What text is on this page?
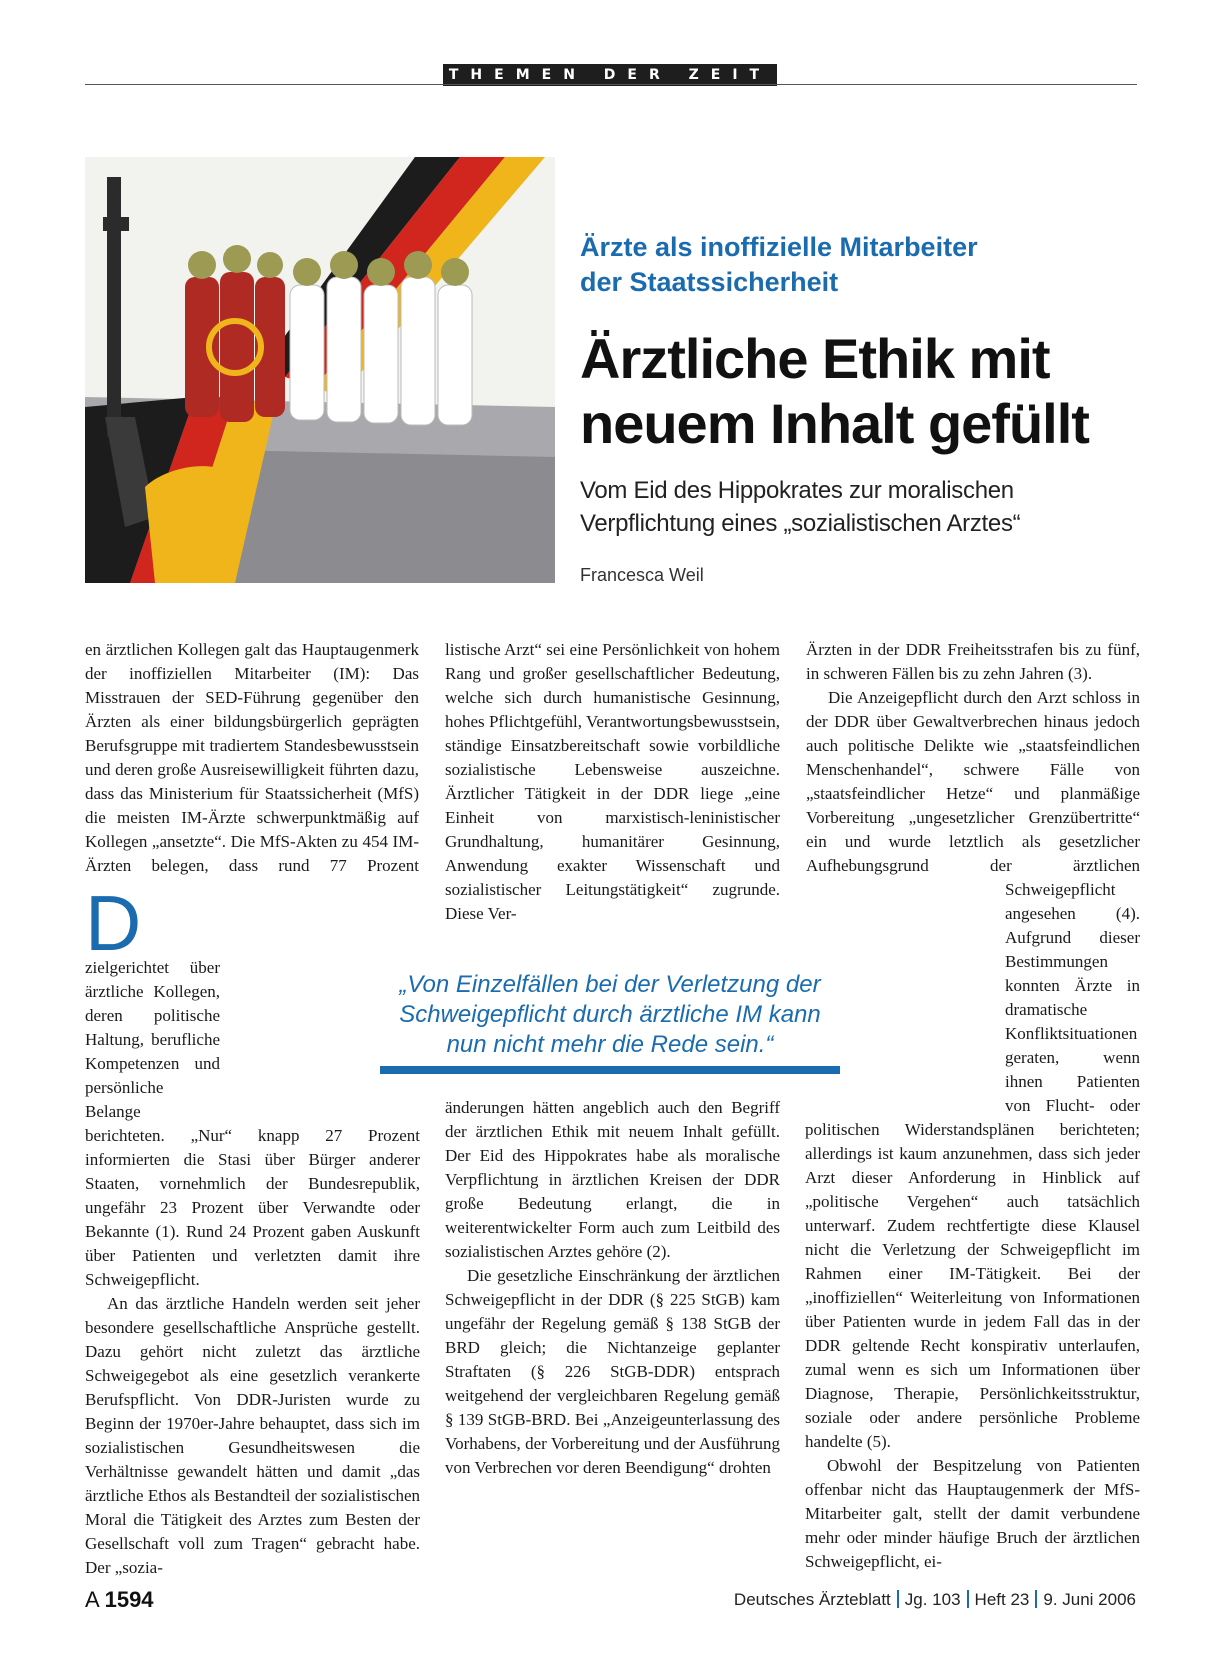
THEMEN DER ZEIT
Ärzte als inoffizielle Mitarbeiter
der Staatssicherheit
Ärztliche Ethik mit
neuem Inhalt gefüllt
Vom Eid des Hippokrates zur moralischen
Verpflichtung eines „sozialistischen Arztes“
Francesca Weil

D
en ärztlichen Kollegen galt das Hauptaugenmerk der inoffiziellen Mitarbeiter (IM): Das Misstrauen der SED-Führung gegenüber den Ärzten als einer bildungsbürgerlich geprägten Berufsgruppe mit tradiertem Standesbewusstsein und deren große Ausreisewilligkeit führten dazu, dass das Ministerium für Staatssicherheit (MfS) die meisten IM-Ärzte schwerpunktmäßig auf Kollegen „ansetzte“. Die MfS-Akten zu 454 IM-Ärzten belegen, dass rund 77 Prozent zielgerichtet über ärztliche Kollegen, deren politische Haltung, berufliche Kompetenzen und persönliche Belange berichteten. „Nur“ knapp 27 Prozent informierten die Stasi über Bürger anderer Staaten, vornehmlich der Bundesrepublik, ungefähr 23 Prozent über Verwandte oder Bekannte (1). Rund 24 Prozent gaben Auskunft über Patienten und verletzten damit ihre Schweigepflicht.

An das ärztliche Handeln werden seit jeher besondere gesellschaftliche Ansprüche gestellt. Dazu gehört nicht zuletzt das ärztliche Schweigegebot als eine gesetzlich verankerte Berufspflicht. Von DDR-Juristen wurde zu Beginn der 1970er-Jahre behauptet, dass sich im sozialistischen Gesundheitswesen die Verhältnisse gewandelt hätten und damit „das ärztliche Ethos als Bestandteil der sozialistischen Moral die Tätigkeit des Arztes zum Besten der Gesellschaft voll zum Tragen“ gebracht habe. Der „sozia-

listische Arzt“ sei eine Persönlichkeit von hohem Rang und großer gesellschaftlicher Bedeutung, welche sich durch humanistische Gesinnung, hohes Pflichtgefühl, Verantwortungsbewusstsein, ständige Einsatzbereitschaft sowie vorbildliche sozialistische Lebensweise auszeichne. Ärztlicher Tätigkeit in der DDR liege „eine Einheit von marxistisch-leninistischer Grundhaltung, humanitärer Gesinnung, Anwendung exakter Wissenschaft und sozialistischer Leitungstätigkeit“ zugrunde. Diese Ver-

änderungen hätten angeblich auch den Begriff der ärztlichen Ethik mit neuem Inhalt gefüllt. Der Eid des Hippokrates habe als moralische Verpflichtung in ärztlichen Kreisen der DDR große Bedeutung erlangt, die in weiterentwickelter Form auch zum Leitbild des sozialistischen Arztes gehöre (2).

Die gesetzliche Einschränkung der ärztlichen Schweigepflicht in der DDR (§ 225 StGB) kam ungefähr der Regelung gemäß § 138 StGB der BRD gleich; die Nichtanzeige geplanter Straftaten (§ 226 StGB-DDR) entsprach weitgehend der vergleichbaren Regelung gemäß § 139 StGB-BRD. Bei „Anzeigeunterlassung des Vorhabens, der Vorbereitung und der Ausführung von Verbrechen vor deren Beendigung“ drohten

Ärzten in der DDR Freiheitsstrafen bis zu fünf, in schweren Fällen bis zu zehn Jahren (3).

Die Anzeigepflicht durch den Arzt schloss in der DDR über Gewaltverbrechen hinaus jedoch auch politische Delikte wie „staatsfeindlichen Menschenhandel“, schwere Fälle von „staatsfeindlicher Hetze“ und planmäßige Vorbereitung „ungesetzlicher Grenzübertritte“ ein und wurde letztlich als gesetzlicher Aufhebungsgrund der ärztlichen Schweigepflicht angesehen (4). Aufgrund dieser Bestimmungen konnten Ärzte in dramatische Konfliktsituationen geraten, wenn ihnen Patienten von Flucht- oder politischen Widerstandsplänen berichteten; allerdings ist kaum anzunehmen, dass sich jeder Arzt dieser Anforderung in Hinblick auf „politische Vergehen“ auch tatsächlich unterwarf. Zudem rechtfertigte diese Klausel nicht die Verletzung der Schweigepflicht im Rahmen einer IM-Tätigkeit. Bei der „inoffiziellen“ Weiterleitung von Informationen über Patienten wurde in jedem Fall das in der DDR geltende Recht konspirativ unterlaufen, zumal wenn es sich um Informationen über Diagnose, Therapie, Persönlichkeitsstruktur, soziale oder andere persönliche Probleme handelte (5).

Obwohl der Bespitzelung von Patienten offenbar nicht das Hauptaugenmerk der MfS-Mitarbeiter galt, stellt der damit verbundene mehr oder minder häufige Bruch der ärztlichen Schweigepflicht, ei-

„Von Einzelfällen bei der Verletzung der Schweigepflicht durch ärztliche IM kann nun nicht mehr die Rede sein.“
A 1594	Deutsches Ärzteblatt Jg. 103 Heft 23 9. Juni 2006
